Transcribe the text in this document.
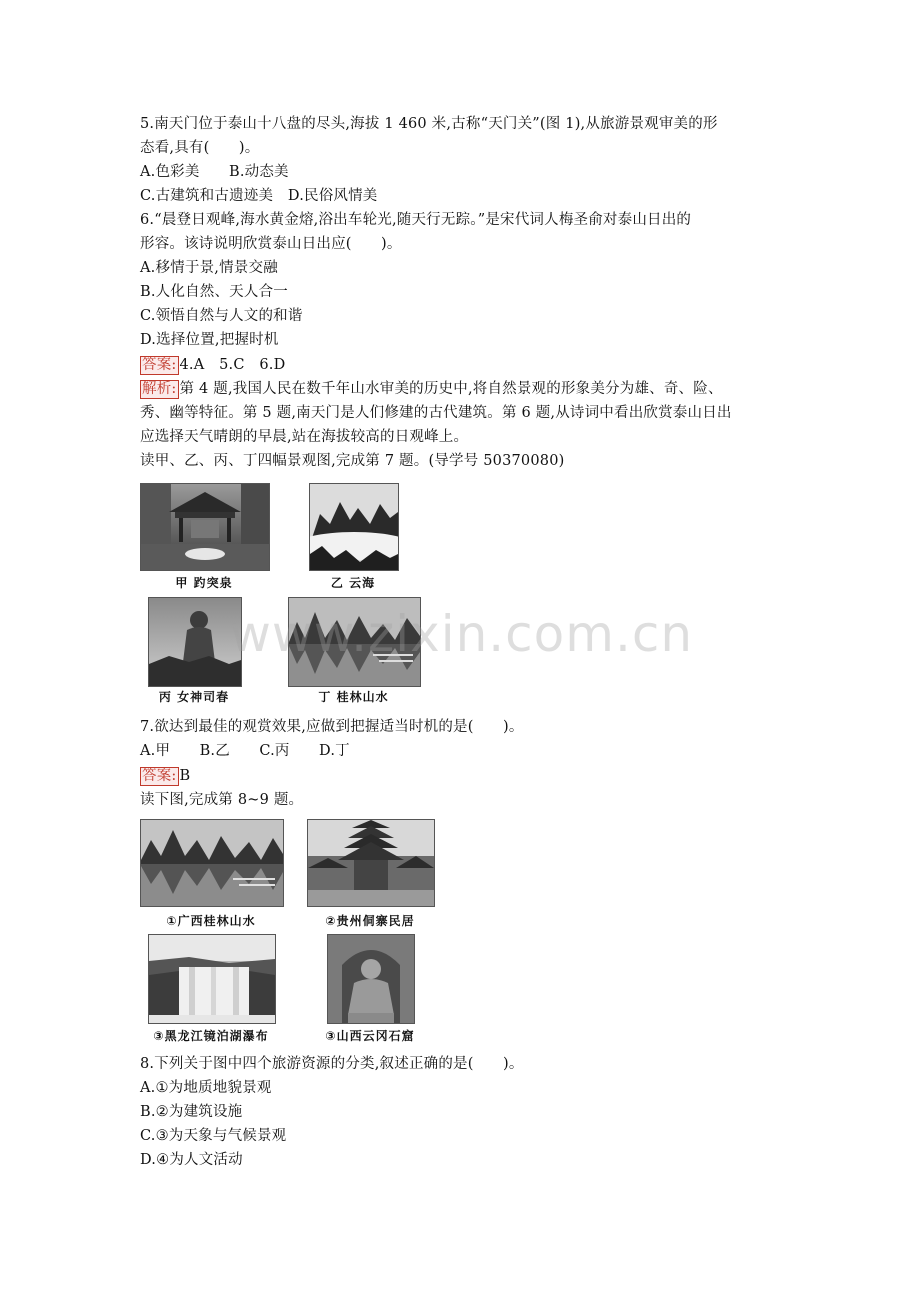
5.南天门位于泰山十八盘的尽头,海拔 1 460 米,古称“天门关”(图 1),从旅游景观审美的形
态看,具有(　　)。
A.色彩美　　B.动态美
C.古建筑和古遗迹美　D.民俗风情美
6.“晨登日观峰,海水黄金熔,浴出车轮光,随天行无踪。”是宋代词人梅圣俞对泰山日出的
形容。该诗说明欣赏泰山日出应(　　)。
A.移情于景,情景交融
B.人化自然、天人合一
C.领悟自然与人文的和谐
D.选择位置,把握时机
答案: 4.A　5.C　6.D
解析: 第 4 题,我国人民在数千年山水审美的历史中,将自然景观的形象美分为雄、奇、险、
秀、幽等特征。第 5 题,南天门是人们修建的古代建筑。第 6 题,从诗词中看出欣赏泰山日出
应选择天气晴朗的早晨,站在海拔较高的日观峰上。
读甲、乙、丙、丁四幅景观图,完成第 7 题。(导学号 50370080)
甲 趵突泉	乙 云海
丙 女神司春	丁 桂林山水
www.zixin.com.cn
7.欲达到最佳的观赏效果,应做到把握适当时机的是(　　)。
A.甲　　B.乙　　C.丙　　D.丁
答案: B
读下图,完成第 8~9 题。
①广西桂林山水	②贵州侗寨民居
③黑龙江镜泊湖瀑布	③山西云冈石窟
8.下列关于图中四个旅游资源的分类,叙述正确的是(　　)。
A.①为地质地貌景观
B.②为建筑设施
C.③为天象与气候景观
D.④为人文活动
